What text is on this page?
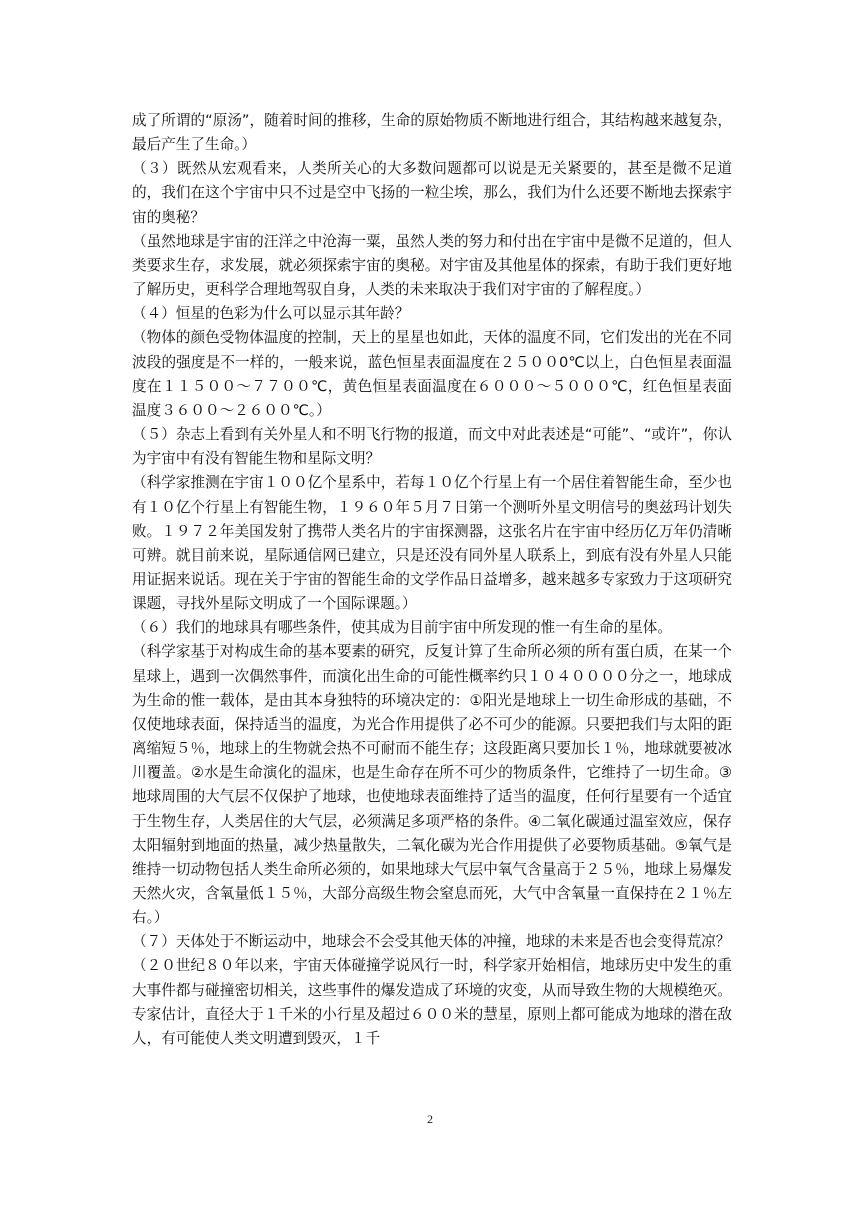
成了所谓的“原汤”，随着时间的推移，生命的原始物质不断地进行组合，其结构越来越复杂，最后产生了生命。）

（３）既然从宏观看来，人类所关心的大多数问题都可以说是无关紧要的，甚至是微不足道的，我们在这个宇宙中只不过是空中飞扬的一粒尘埃，那么，我们为什么还要不断地去探索宇宙的奥秘？

（虽然地球是宇宙的汪洋之中沧海一粟，虽然人类的努力和付出在宇宙中是微不足道的，但人类要求生存，求发展，就必须探索宇宙的奥秘。对宇宙及其他星体的探索，有助于我们更好地了解历史，更科学合理地驾驭自身，人类的未来取决于我们对宇宙的了解程度。）

（４）恒星的色彩为什么可以显示其年龄？

（物体的颜色受物体温度的控制，天上的星星也如此，天体的温度不同，它们发出的光在不同波段的强度是不一样的，一般来说，蓝色恒星表面温度在２５００0℃以上，白色恒星表面温度在１１５００～７７００℃，黄色恒星表面温度在６０００～５０００℃，红色恒星表面温度３６００～２６００℃。）

（５）杂志上看到有关外星人和不明飞行物的报道，而文中对此表述是“可能”、“或许”，你认为宇宙中有没有智能生物和星际文明？

（科学家推测在宇宙１００亿个星系中，若每１０亿个行星上有一个居住着智能生命，至少也有１０亿个行星上有智能生物，１９６０年５月７日第一个测听外星文明信号的奥兹玛计划失败。１９７２年美国发射了携带人类名片的宇宙探测器，这张名片在宇宙中经历亿万年仍清晰可辨。就目前来说，星际通信网已建立，只是还没有同外星人联系上，到底有没有外星人只能用证据来说话。现在关于宇宙的智能生命的文学作品日益增多，越来越多专家致力于这项研究课题，寻找外星际文明成了一个国际课题。）

（６）我们的地球具有哪些条件，使其成为目前宇宙中所发现的惟一有生命的星体。

（科学家基于对构成生命的基本要素的研究，反复计算了生命所必须的所有蛋白质，在某一个星球上，遇到一次偶然事件，而演化出生命的可能性概率约只１０４００００分之一，地球成为生命的惟一载体，是由其本身独特的环境决定的：①阳光是地球上一切生命形成的基础，不仅使地球表面，保持适当的温度，为光合作用提供了必不可少的能源。只要把我们与太阳的距离缩短５％，地球上的生物就会热不可耐而不能生存；这段距离只要加长１％，地球就要被冰川覆盖。②水是生命演化的温床，也是生命存在所不可少的物质条件，它维持了一切生命。③地球周围的大气层不仅保护了地球，也使地球表面维持了适当的温度，任何行星要有一个适宜于生物生存，人类居住的大气层，必须满足多项严格的条件。④二氧化碳通过温室效应，保存太阳辐射到地面的热量，减少热量散失，二氧化碳为光合作用提供了必要物质基础。⑤氧气是维持一切动物包括人类生命所必须的，如果地球大气层中氧气含量高于２５％，地球上易爆发天然火灾，含氧量低１５％，大部分高级生物会窒息而死，大气中含氧量一直保持在２１％左右。）

（７）天体处于不断运动中，地球会不会受其他天体的冲撞，地球的未来是否也会变得荒凉？

（２０世纪８０年以来，宇宙天体碰撞学说风行一时，科学家开始相信，地球历史中发生的重大事件都与碰撞密切相关，这些事件的爆发造成了环境的灾变，从而导致生物的大规模绝灭。专家估计，直径大于１千米的小行星及超过６００米的慧星，原则上都可能成为地球的潜在敌人，有可能使人类文明遭到毁灭，１千

2
